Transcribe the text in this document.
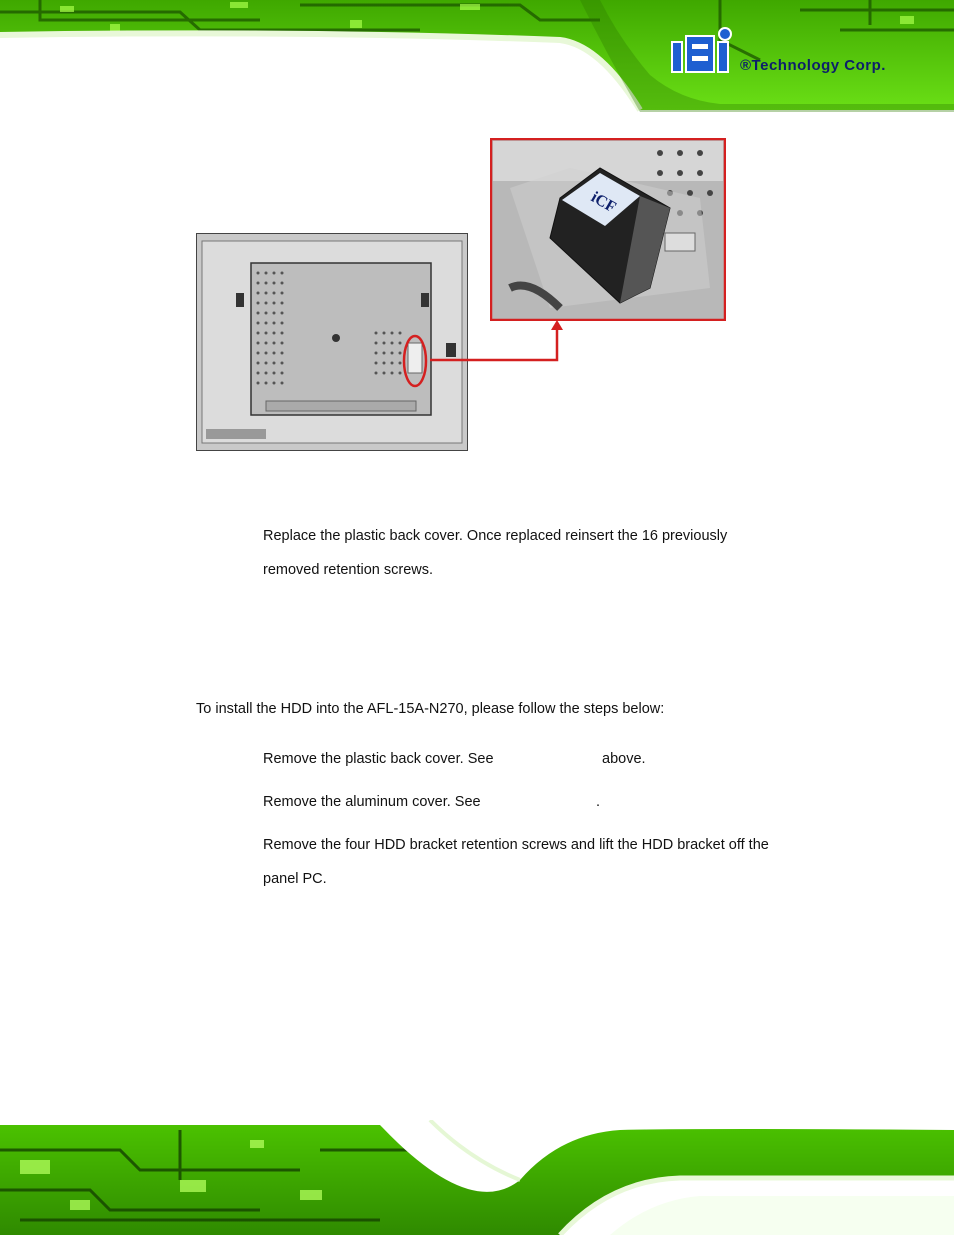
®Technology Corp.
iCF
Replace the plastic back cover. Once replaced reinsert the 16 previously
removed retention screws.
To install the HDD into the AFL-15A-N270, please follow the steps below:
Remove the plastic back cover. See	above.
Remove the aluminum cover. See	.
Remove the four HDD bracket retention screws and lift the HDD bracket off the
panel PC.
